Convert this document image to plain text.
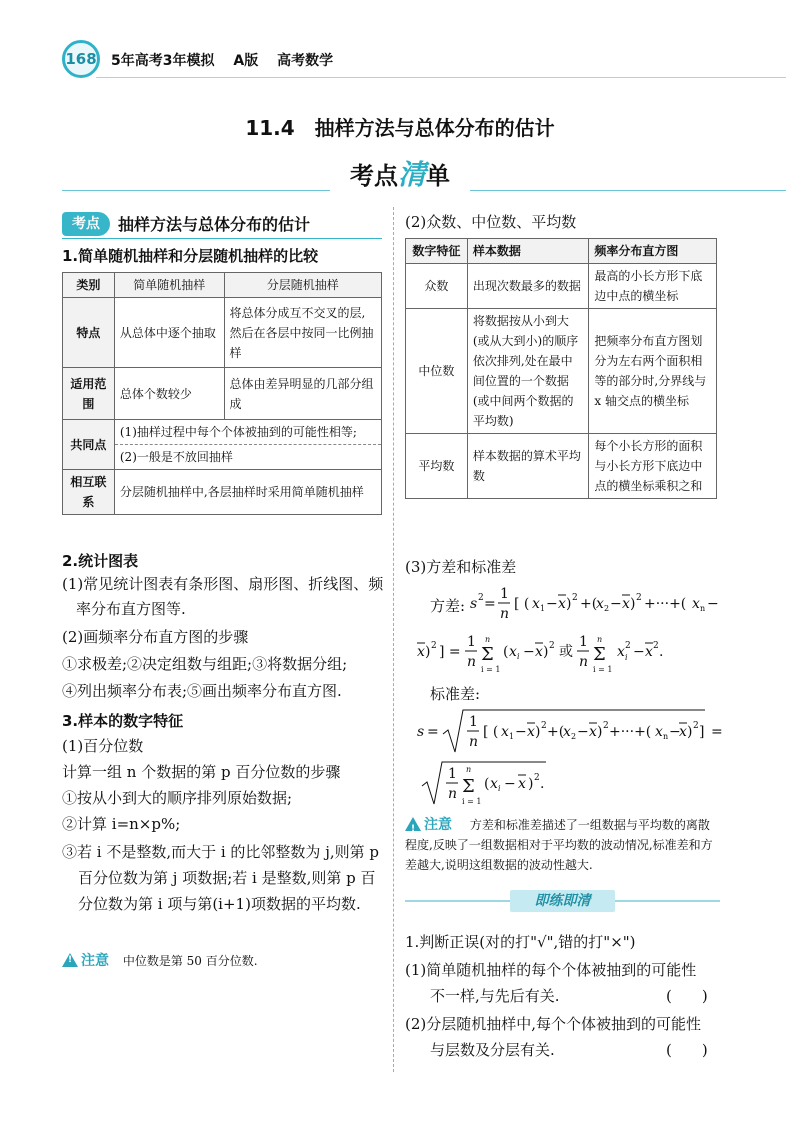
168 5年高考3年模拟 A版 高考数学
11.4 抽样方法与总体分布的估计
考点清单
考点	抽样方法与总体分布的估计
1.简单随机抽样和分层随机抽样的比较
类别	简单随机抽样	分层随机抽样
特点	从总体中逐个抽取	将总体分成互不交叉的层,然后在各层中按同一比例抽样
适用范围	总体个数较少	总体由差异明显的几部分组成
共同点	(1)抽样过程中每个个体被抽到的可能性相等;
(2)一般是不放回抽样	

相互联系	分层随机抽样中,各层抽样时采用简单随机抽样	
2.统计图表
(1)常见统计图表有条形图、扇形图、折线图、频率分布直方图等.
(2)画频率分布直方图的步骤
①求极差;②决定组数与组距;③将数据分组;
④列出频率分布表;⑤画出频率分布直方图.
3.样本的数字特征
(1)百分位数
计算一组 n 个数据的第 p 百分位数的步骤
①按从小到大的顺序排列原始数据;
②计算 i=n×p%;
③若 i 不是整数,而大于 i 的比邻整数为 j,则第 p 百分位数为第 j 项数据;若 i 是整数,则第 p 百分位数为第 i 项与第(i+1)项数据的平均数.
!注意 中位数是第 50 百分位数.
(2)众数、中位数、平均数
数字特征	样本数据	频率分布直方图
众数	出现次数最多的数据	最高的小长方形下底边中点的横坐标
中位数	将数据按从小到大(或从大到小)的顺序依次排列,处在最中间位置的一个数据(或中间两个数据的平均数)	把频率分布直方图划分为左右两个面积相等的部分时,分界线与 x 轴交点的横坐标
平均数	样本数据的算术平均数	每个小长方形的面积与小长方形下底边中点的横坐标乘积之和
(3)方差和标准差
方差: s 2 =
1
n
[ ( x 1 − x ) 2 +(
x 2 − x ) 2 +···+( x n −
x ) 2 ] =
1
n
n
Σ
i = 1
( x i − x ) 2 或
1
n
n
Σ
i = 1
x 2
i − x 2 .
标准差:
s =
1
n
[ ( x 1 − x ) 2 +(
x 2 − x ) 2 +···+( x n −
x ) 2 ] =
1
n
n
Σ
i = 1
( x i − x ) 2 .
!注意 方差和标准差描述了一组数据与平均数的离散程度,反映了一组数据相对于平均数的波动情况,标准差和方差越大,说明这组数据的波动性越大.
即练即清
1.判断正误(对的打"√",错的打"×")
(1)简单随机抽样的每个个体被抽到的可能性
不一样,与先后有关.	(　　)
(2)分层随机抽样中,每个个体被抽到的可能性
与层数及分层有关.	(　　)
